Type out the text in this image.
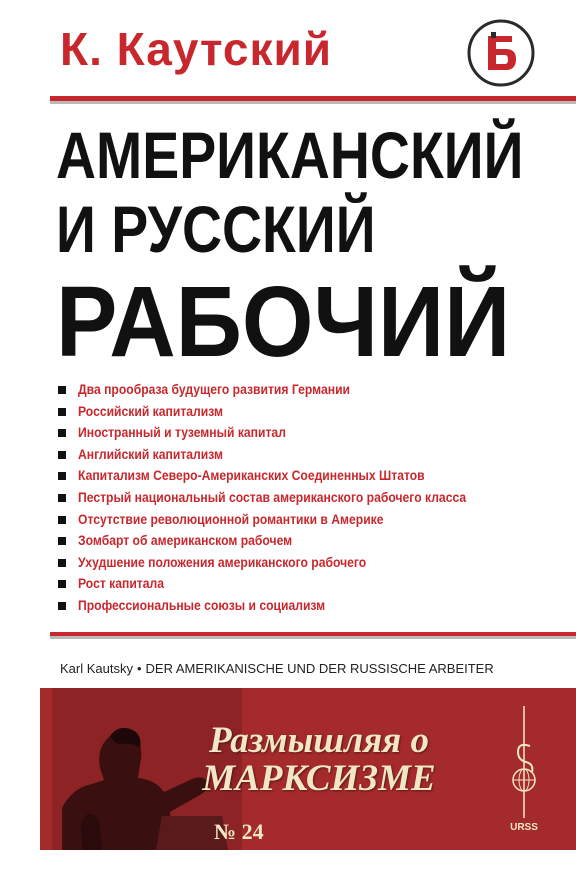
К. Каутский
АМЕРИКАНСКИЙ
И РУССКИЙ
РАБОЧИЙ
Два прообраза будущего развития Германии
Российский капитализм
Иностранный и туземный капитал
Английский капитализм
Капитализм Северо-Американских Соединенных Штатов
Пестрый национальный состав американского рабочего класса
Отсутствие революционной романтики в Америке
Зомбарт об американском рабочем
Ухудшение положения американского рабочего
Рост капитала
Профессиональные союзы и социализм
Karl Kautsky • DER AMERIKANISCHE UND DER RUSSISCHE ARBEITER
Размышляя о
МАРКСИЗМЕ
№ 24	URSS
